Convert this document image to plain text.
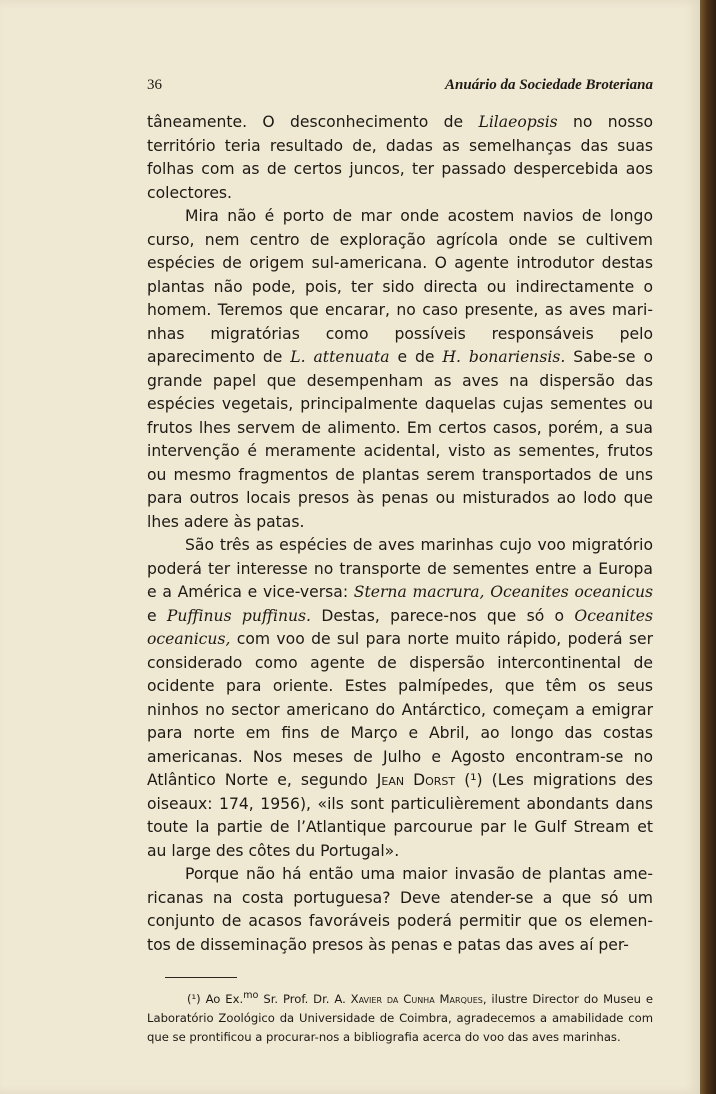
36	Anuário da Sociedade Broteriana

tâneamente. O desconhecimento de Lilaeopsis no nosso território teria resultado de, dadas as semelhanças das suas folhas com as de certos juncos, ter passado despercebida aos colectores.

Mira não é porto de mar onde acostem navios de longo curso, nem centro de exploração agrícola onde se cultivem espécies de origem sul-americana. O agente introdutor destas plantas não pode, pois, ter sido directa ou indirectamente o homem. Teremos que encarar, no caso presente, as aves marinhas migratórias como possíveis responsáveis pelo aparecimento de L. attenuata e de H. bonariensis. Sabe-se o grande papel que desempenham as aves na dispersão das espécies vegetais, principalmente daquelas cujas sementes ou frutos lhes servem de alimento. Em certos casos, porém, a sua intervenção é meramente acidental, visto as sementes, frutos ou mesmo fragmentos de plantas serem transportados de uns para outros locais presos às penas ou misturados ao lodo que lhes adere às patas.

São três as espécies de aves marinhas cujo voo migratório poderá ter interesse no transporte de sementes entre a Europa e a América e vice-versa: Sterna macrura, Oceanites oceanicus e Puffinus puffinus. Destas, parece-nos que só o Oceanites oceanicus, com voo de sul para norte muito rápido, poderá ser considerado como agente de dispersão intercontinental de ocidente para oriente. Estes palmípedes, que têm os seus ninhos no sector americano do Antárctico, começam a emigrar para norte em fins de Março e Abril, ao longo das costas americanas. Nos meses de Julho e Agosto encontram-se no Atlântico Norte e, segundo Jean Dorst (¹) (Les migrations des oiseaux: 174, 1956), «ils sont particulièrement abondants dans toute la partie de l’Atlantique parcourue par le Gulf Stream et au large des côtes du Portugal».

Porque não há então uma maior invasão de plantas americanas na costa portuguesa? Deve atender-se a que só um conjunto de acasos favoráveis poderá permitir que os elementos de disseminação presos às penas e patas das aves aí per-

(¹) Ao Ex.$^{mo}$ Sr. Prof. Dr. A. Xavier da Cunha Marques, ilustre Director do Museu e Laboratório Zoológico da Universidade de Coimbra, agradecemos a amabilidade com que se prontificou a procurar-nos a bibliografia acerca do voo das aves marinhas.
